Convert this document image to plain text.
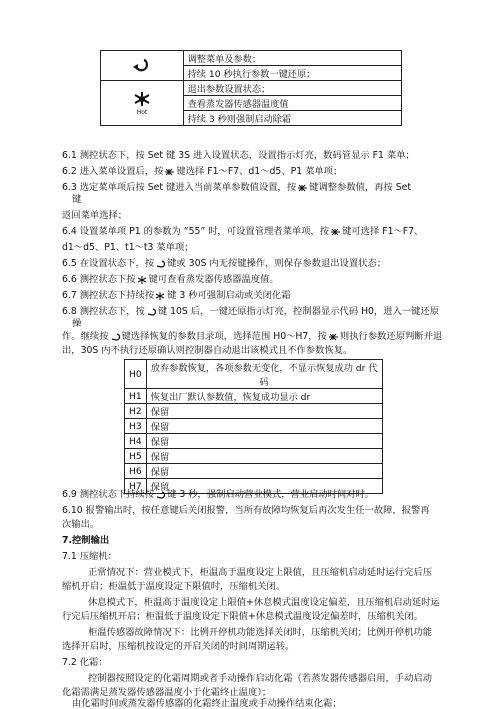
	调整菜单及参数；
	持续 10 秒执行参数一键还原；

Hot	退出参数设置状态；
	查看蒸发器传感器温度值
	持续 3 秒则强制启动除霜
6.1 测控状态下，按 Set 键 3S 进入设置状态，设置指示灯亮，数码管显示 F1 菜单；
6.2 进入菜单设置后，按 键选择 F1～F7、d1～d5、P1 菜单项；
6.3 选定菜单项后按 Set 键进入当前菜单参数值设置，按 键调整参数值，再按 Set
键
返回菜单选择；
6.4 设置菜单项 P1 的参数为 “55” 时，可设置管理者菜单项，按 键可选择 F1～F7、
d1～d5、P1、t1～t3 菜单项；
6.5 在设置状态下，按 键或 30S 内无按键操作，则保存参数退出设置状态；
6.6 测控状态下按 键可查看蒸发器传感器温度值。
6.7 测控状态下持续按 键 3 秒可强制启动或关闭化霜
6.8 测控状态下，按 键 10S 后，一键还原指示灯亮，控制器显示代码 H0，进入一键还原
操
作。继续按 键选择恢复的参数目录项，选择范围 H0～H7，按 则执行参数还原判断并退
出，30S 内不执行还原确认则控制器自动退出该模式且不作参数恢复。
H0	放弃参数恢复，各项参数无变化，不显示恢复成功 dr 代
码

H1	恢复出厂默认参数值，恢复成功显示 dr
H2	保留
H3	保留
H4	保留
H5	保留
H6	保留
H7	保留
6.9 测控状态下持续按 键 3 秒，强制启动营业模式，营业启动时间对时。
6.10 报警输出时，按任意键后关闭报警，当所有故障均恢复后再次发生任一故障，报警再
次输出。
7.控制输出
7.1 压缩机：
正常情况下：营业模式下，柜温高于温度设定上限值，且压缩机启动延时运行完后压
缩机开启；柜温低于温度设定下限值时，压缩机关闭。
休息模式下，柜温高于温度设定上限值+休息模式温度设定偏差，且压缩机启动延时运
行完后压缩机开启；柜温低于温度设定下限值+休息模式温度设定偏差时，压缩机关闭。
柜温传感器故障情况下：比例开停机功能选择关闭时，压缩机关闭；比例开停机功能
选择开启时，压缩机按设定的开启关闭的时间周期运转。
7.2 化霜：
控制器按照设定的化霜周期或者手动操作启动化霜（若蒸发器传感器启用，手动启动
化霜需满足蒸发器传感器温度小于化霜终止温度）；
由化霜时间或蒸发器传感器的化霜终止温度或手动操作结束化霜；
